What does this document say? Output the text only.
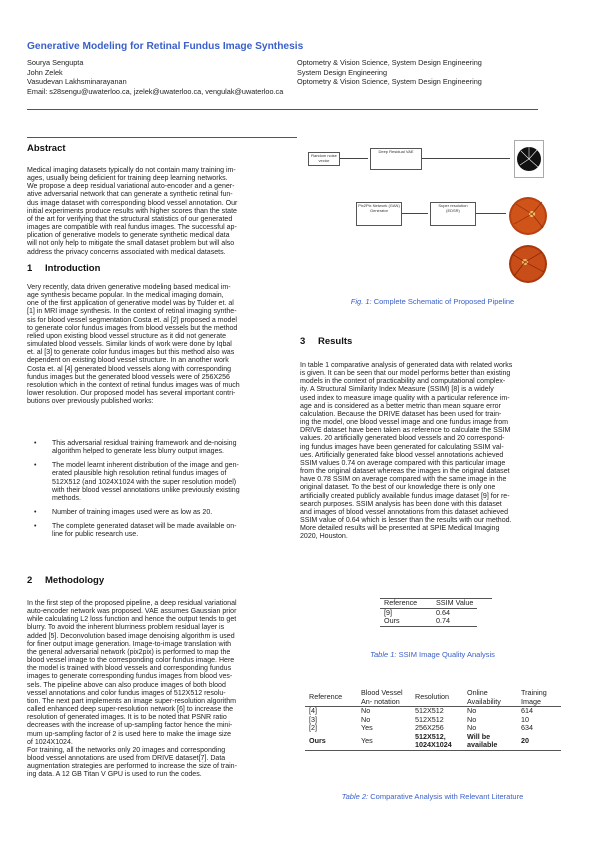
Generative Modeling for Retinal Fundus Image Synthesis
Sourya Sengupta
John Zelek
Vasudevan Lakhsminarayanan
Optometry & Vision Science, System Design Engineering
System Design Engineering
Optometry & Vision Science, System Design Engineering
Email: s28sengu@uwaterloo.ca, jzelek@uwaterloo.ca, vengulak@uwaterloo.ca
Abstract
Medical imaging datasets typically do not contain many training im-
ages, usually being deficient for training deep learning networks.
We propose a deep residual variational auto-encoder and a gener-
ative adversarial network that can generate a synthetic retinal fun-
dus image dataset with corresponding blood vessel annotation. Our
initial experiments produce results with higher scores than the state
of the art for verifying that the structural statistics of our generated
images are compatible with real fundus images. The successful ap-
plication of generative models to generate synthetic medical data
will not only help to mitigate the small dataset problem but will also
address the privacy concerns associated with medical datasets.
1 Introduction
Very recently, data driven generative modeling based medical im-
age synthesis became popular. In the medical imaging domain,
one of the first application of generative model was by Tulder et. al
[1] in MRI image synthesis. In the context of retinal imaging synthe-
sis for blood vessel segmentation Costa et. al [2] proposed a model
to generate color fundus images from blood vessels but the method
relied upon existing blood vessel structure as it did not generate
simulated blood vessels. Similar kinds of work were done by Iqbal
et. al [3] to generate color fundus images but this method also was
dependent on existing blood vessel structure. In an another work
Costa et. al [4] generated blood vessels along with corresponding
fundus images but the generated blood vessels were of 256X256
resolution which in the context of retinal fundus images was of much
lower resolution. Our proposed model has several important contri-
butions over previously published works:
• This adversarial residual training framework and de-noising
algorithm helped to generate less blurry output images.
• The model learnt inherent distribution of the image and gen-
erated plausible high resolution retinal fundus images of
512X512 (and 1024X1024 with the super resolution model)
with their blood vessel annotations unlike previously existing
methods.
• Number of training images used were as low as 20.
• The complete generated dataset will be made available on-
line for public research use.
2 Methodology
In the first step of the proposed pipeline, a deep residual variational
auto-encoder network was proposed. VAE assumes Gaussian prior
while calculating L2 loss function and hence the output tends to get
blurry. To avoid the inherent blurriness problem residual layer is
added [5]. Deconvolution based image denoising algorithm is used
for finer output image generation. Image-to-image translation with
the general adversarial network (pix2pix) is performed to map the
blood vessel image to the corresponding color fundus image. Here
the model is trained with blood vessels and corresponding fundus
images to generate corresponding fundus images from blood ves-
sels. The pipeline above can also produce images of both blood
vessel annotations and color fundus images of 512X512 resolu-
tion. The next part implements an image super-resolution algorithm
called enhanced deep super-resolution network [6] to increase the
resolution of generated images. It is to be noted that PSNR ratio
decreases with the increase of up-sampling factor hence the mini-
mum up-sampling factor of 2 is used here to make the image size
of 1024X1024.
For training, all the networks only 20 images and corresponding
blood vessel annotations are used from DRIVE dataset[7]. Data
augmentation strategies are performed to increase the size of train-
ing data. A 12 GB Titan V GPU is used to run the codes.
Random noise vector
Deep Residual VAE
Pix2Pix Network (GAN) Generator
Super resolution (EDSR)
Fig. 1: Complete Schematic of Proposed Pipeline
3 Results
In table 1 comparative analysis of generated data with related works
is given. It can be seen that our model performs better than existing
models in the context of practicability and computational complex-
ity. A Structural Similarity Index Measure (SSIM) [8] is a widely
used index to measure image quality with a particular reference im-
age and is considered as a better metric than mean square error
calculation. Because the DRIVE dataset has been used for train-
ing the model, one blood vessel image and one fundus image from
DRIVE dataset have been taken as reference to calculate the SSIM
values. 20 artificially generated blood vessels and 20 correspond-
ing fundus images have been generated for calculating SSIM val-
ues. Artificially generated fake blood vessel annotations achieved
SSIM values 0.74 on average compared with this particular image
from the original dataset whereas the images in the original dataset
have 0.78 SSIM on average compared with the same image in the
original dataset. To the best of our knowledge there is only one
artificially created publicly available fundus image dataset [9] for re-
search purposes. SSIM analysis has been done with this dataset
and images of blood vessel annotations from this dataset achieved
SSIM value of 0.64 which is lesser than the results with our method.
More detailed results will be presented at SPIE Medical Imaging
2020, Houston.
Reference	SSIM Value
[9]	0.64
Ours	0.74
Table 1: SSIM Image Quality Analysis
Reference	Blood Vessel An- notation	Resolution	Online Availability	Training Image
[4]	No	512X512	No	614
[3]	No	512X512	No	10
[2]	Yes	256X256	No	634
Ours	Yes	512X512, 1024X1024	Will be available	20
Table 2: Comparative Analysis with Relevant Literature
